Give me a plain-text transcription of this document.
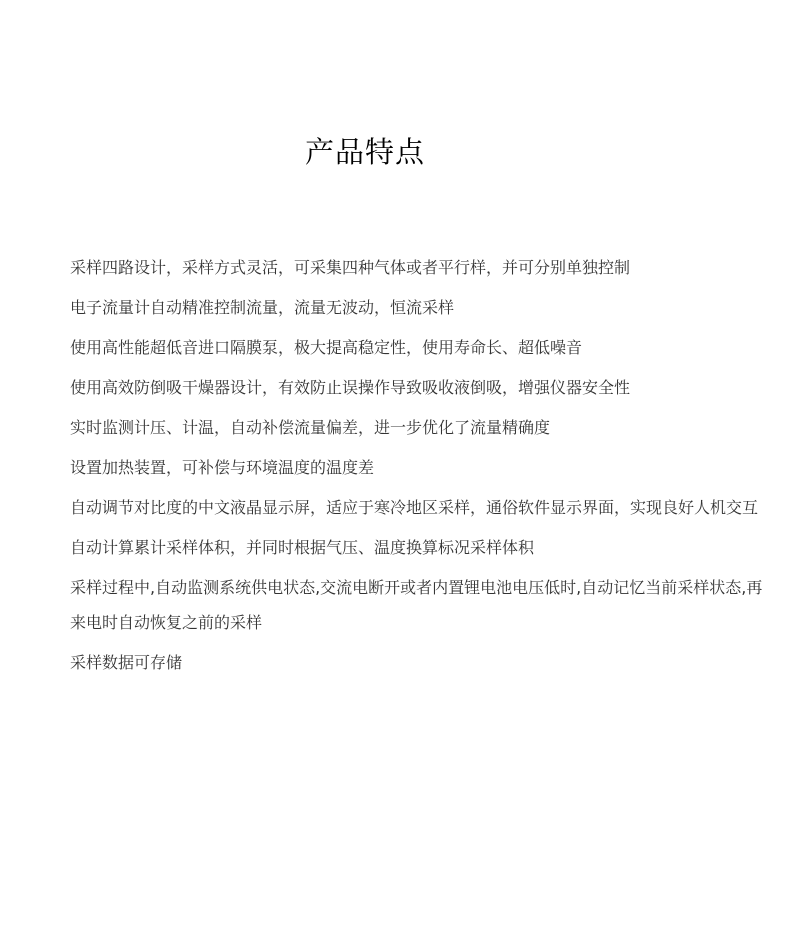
产品特点

采样四路设计，采样方式灵活，可采集四种气体或者平行样，并可分别单独控制

电子流量计自动精准控制流量，流量无波动，恒流采样

使用高性能超低音进口隔膜泵，极大提高稳定性，使用寿命长、超低噪音

使用高效防倒吸干燥器设计，有效防止误操作导致吸收液倒吸，增强仪器安全性

实时监测计压、计温，自动补偿流量偏差，进一步优化了流量精确度

设置加热装置，可补偿与环境温度的温度差

自动调节对比度的中文液晶显示屏，适应于寒冷地区采样，通俗软件显示界面，实现良好人机交互

自动计算累计采样体积，并同时根据气压、温度换算标况采样体积

采样过程中,自动监测系统供电状态,交流电断开或者内置锂电池电压低时,自动记忆当前采样状态,再来电时自动恢复之前的采样

采样数据可存储
